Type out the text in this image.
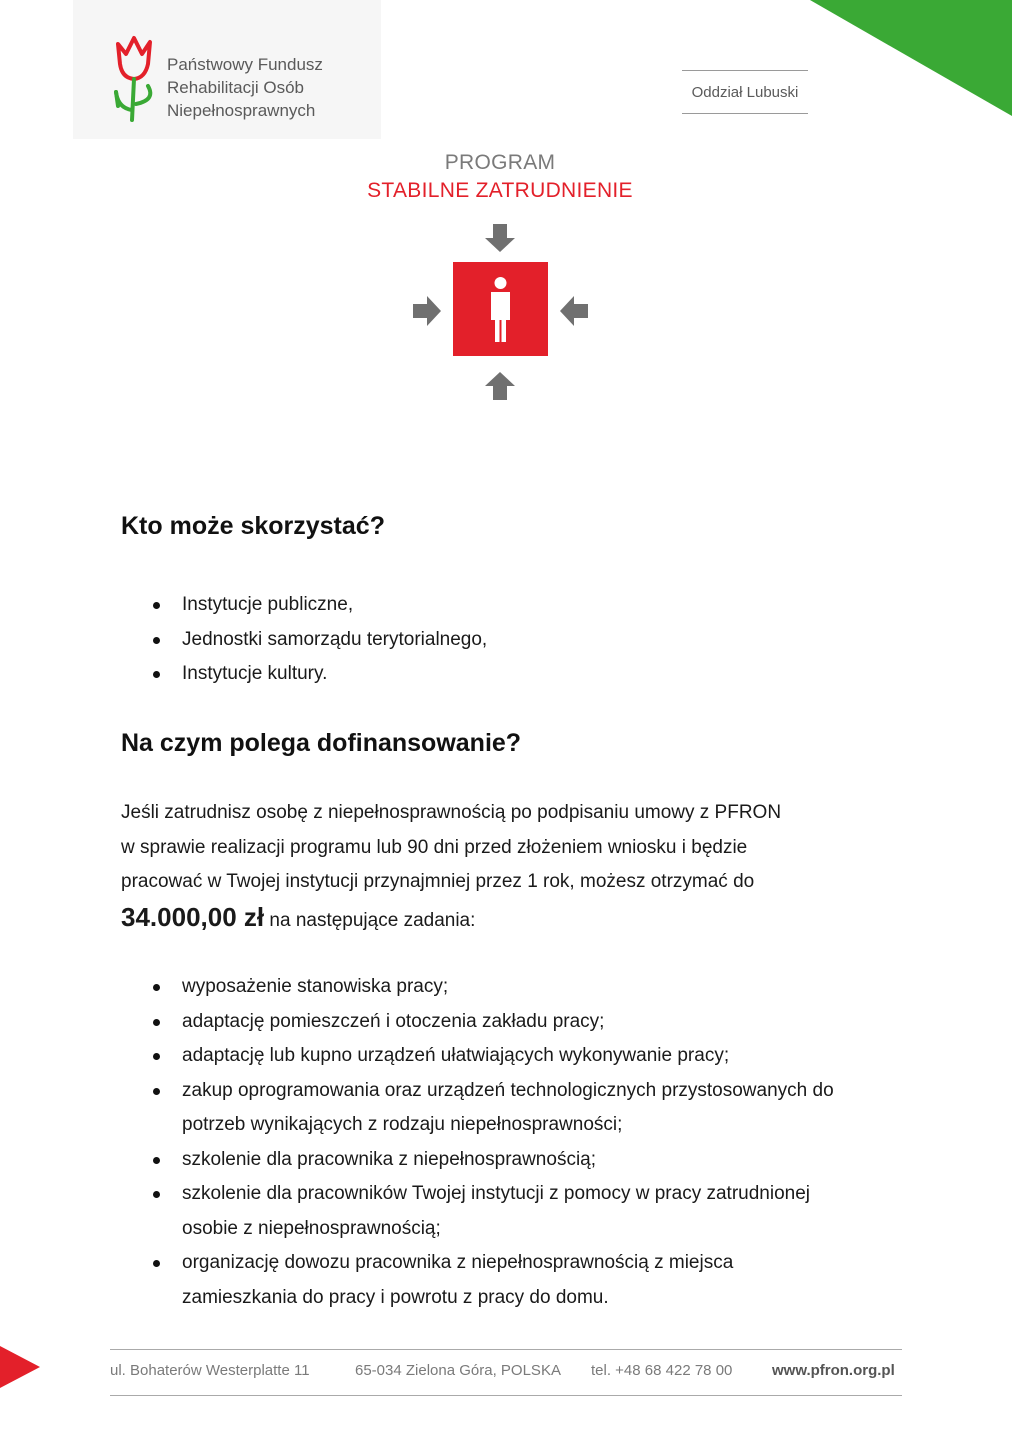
Państwowy Fundusz
Rehabilitacji Osób
Niepełnosprawnych
Oddział Lubuski
PROGRAM
STABILNE ZATRUDNIENIE
Kto może skorzystać?
Instytucje publiczne,
Jednostki samorządu terytorialnego,
Instytucje kultury.
Na czym polega dofinansowanie?
Jeśli zatrudnisz osobę z niepełnosprawnością po podpisaniu umowy z PFRON
w sprawie realizacji programu lub 90 dni przed złożeniem wniosku i będzie
pracować w Twojej instytucji przynajmniej przez 1 rok, możesz otrzymać do
34.000,00 zł na następujące zadania:
wyposażenie stanowiska pracy;
adaptację pomieszczeń i otoczenia zakładu pracy;
adaptację lub kupno urządzeń ułatwiających wykonywanie pracy;
zakup oprogramowania oraz urządzeń technologicznych przystosowanych do potrzeb wynikających z rodzaju niepełnosprawności;
szkolenie dla pracownika z niepełnosprawnością;
szkolenie dla pracowników Twojej instytucji z pomocy w pracy zatrudnionej osobie z niepełnosprawnością;
organizację dowozu pracownika z niepełnosprawnością z miejsca zamieszkania do pracy i powrotu z pracy do domu.
ul. Bohaterów Westerplatte 11	65-034 Zielona Góra, POLSKA tel. +48 68 422 78 00	www.pfron.org.pl
